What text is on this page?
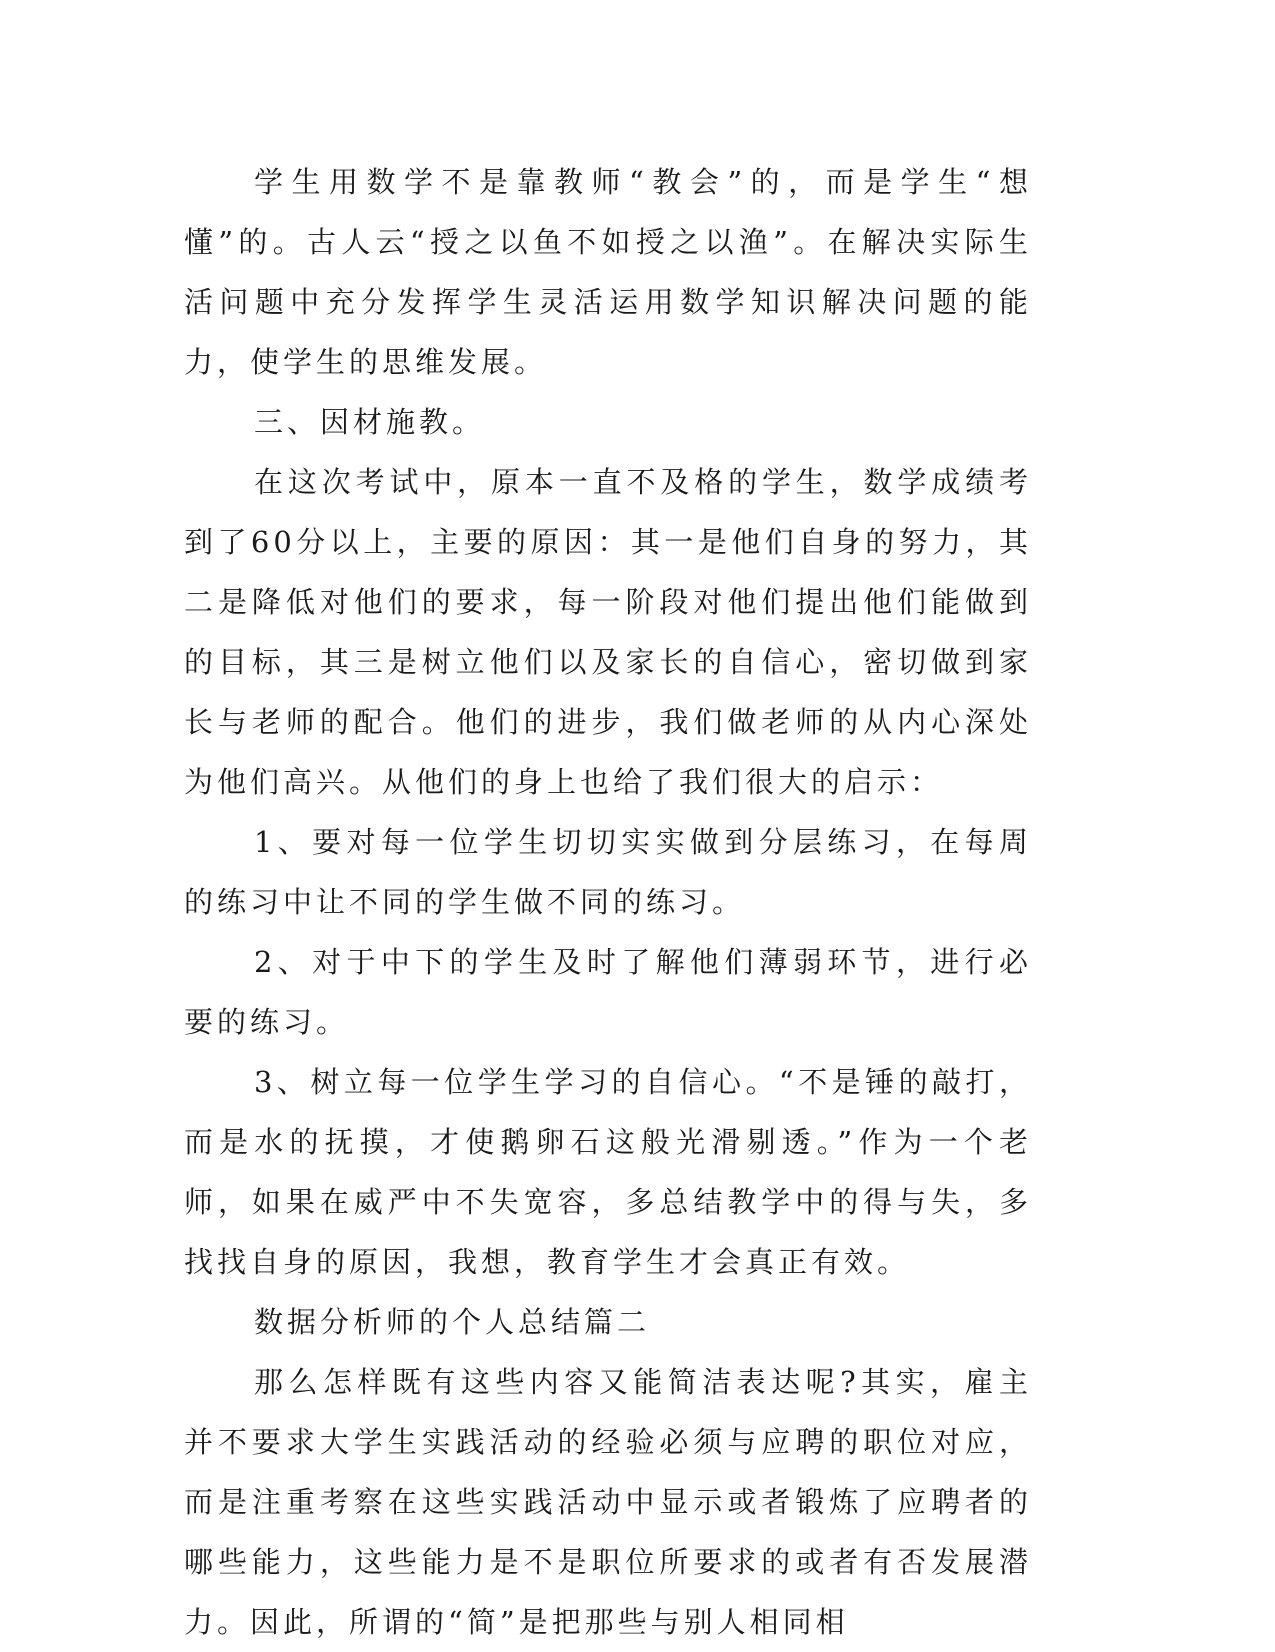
学生用数学不是靠教师“教会”的，而是学生“想懂”的。古人云“授之以鱼不如授之以渔”。在解决实际生活问题中充分发挥学生灵活运用数学知识解决问题的能力，使学生的思维发展。

三、因材施教。

在这次考试中，原本一直不及格的学生，数学成绩考到了60分以上，主要的原因：其一是他们自身的努力，其二是降低对他们的要求，每一阶段对他们提出他们能做到的目标，其三是树立他们以及家长的自信心，密切做到家长与老师的配合。他们的进步，我们做老师的从内心深处为他们高兴。从他们的身上也给了我们很大的启示：

1、要对每一位学生切切实实做到分层练习，在每周的练习中让不同的学生做不同的练习。

2、对于中下的学生及时了解他们薄弱环节，进行必要的练习。

3、树立每一位学生学习的自信心。“不是锤的敲打，而是水的抚摸，才使鹅卵石这般光滑剔透。”作为一个老师，如果在威严中不失宽容，多总结教学中的得与失，多找找自身的原因，我想，教育学生才会真正有效。

数据分析师的个人总结篇二

那么怎样既有这些内容又能简洁表达呢?其实，雇主并不要求大学生实践活动的经验必须与应聘的职位对应，而是注重考察在这些实践活动中显示或者锻炼了应聘者的哪些能力，这些能力是不是职位所要求的或者有否发展潜力。因此，所谓的“简”是把那些与别人相同相
